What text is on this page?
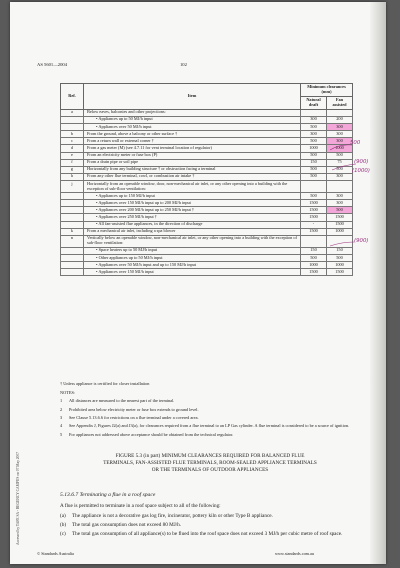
AS 5601—2004	102
Ref.	Item	Minimum clearances (mm)	
		Natural draft	Fan assisted
a	Below eaves, balconies and other projections:		
	• Appliances up to 50 MJ/h input	300	200
	• Appliances over 50 MJ/h input	500	300
b	From the ground, above a balcony or other surface †	300	300
c	From a return wall or external corner †	500	300
d	From a gas meter (M) (see 4.7.11 for vent terminal location of regulator)	1000	1000
e	From an electricity meter or fuse box (P)	500	500
f	From a drain pipe or soil pipe	150	75
g	Horizontally from any building structure † or obstruction facing a terminal	500	500
h	From any other flue terminal, cowl, or combustion air intake †	500	300
j	Horizontally from an openable window, door, non-mechanical air inlet, or any other opening into a building with the exception of sub-floor ventilation:		
	• Appliances up to 150 MJ/h input	500	300
	• Appliances over 150 MJ/h input up to 200 MJ/h input	1500	300
	• Appliances over 200 MJ/h input up to 250 MJ/h input †	1500	500
	• Appliances over 250 MJ/h input †	1500	1500
	• All fan-assisted flue appliances, in the direction of discharge	-	1500
k	From a mechanical air inlet, including a spa blower	1500	1000
n	Vertically below an openable window, non-mechanical air inlet, or any other opening into a building with the exception of sub-floor ventilation:		
	• Space heaters up to 50 MJ/h input	150	150
	• Other appliances up to 50 MJ/h input	500	500
	• Appliances over 50 MJ/h input and up to 150 MJ/h input	1000	1000
	• Appliances over 150 MJ/h input	1500	1500

† Unless appliance is certified for closer installation

NOTES:

1	All distances are measured to the nearest part of the terminal.
2	Prohibited area below electricity meter or fuse box extends to ground level.
3	See Clause 5.13.6.6 for restrictions on a flue terminal under a covered area.
4	See Appendix J, Figures J2(a) and J3(a), for clearances required from a flue terminal to an LP Gas cylinder. A flue terminal is considered to be a source of ignition.
5	For appliances not addressed above acceptance should be obtained from the technical regulator.
FIGURE 5.3 (in part) MINIMUM CLEARANCES REQUIRED FOR BALANCED FLUE TERMINALS, FAN-ASSISTED FLUE TERMINALS, ROOM-SEALED APPLIANCE TERMINALS OR THE TERMINALS OF OUTDOOR APPLIANCES
5.13.6.7 Terminating a flue in a roof space

A flue is permitted to terminate in a roof space subject to all of the following:

(a)	The appliance is not a decorative gas log fire, incinerator, pottery kiln or other Type B appliance.
(b)	The total gas consumption does not exceed 80 MJ/h.
(c)	The total gas consumption of all appliance(s) to be flued into the roof space does not exceed 3 MJ/h per cubic metre of roof space.
© Standards Australia	www.standards.com.au
Accessed by TAFE SA - REGENCY CAMPUS on 07 May 2007
500
(900)
(1000)
(900)
